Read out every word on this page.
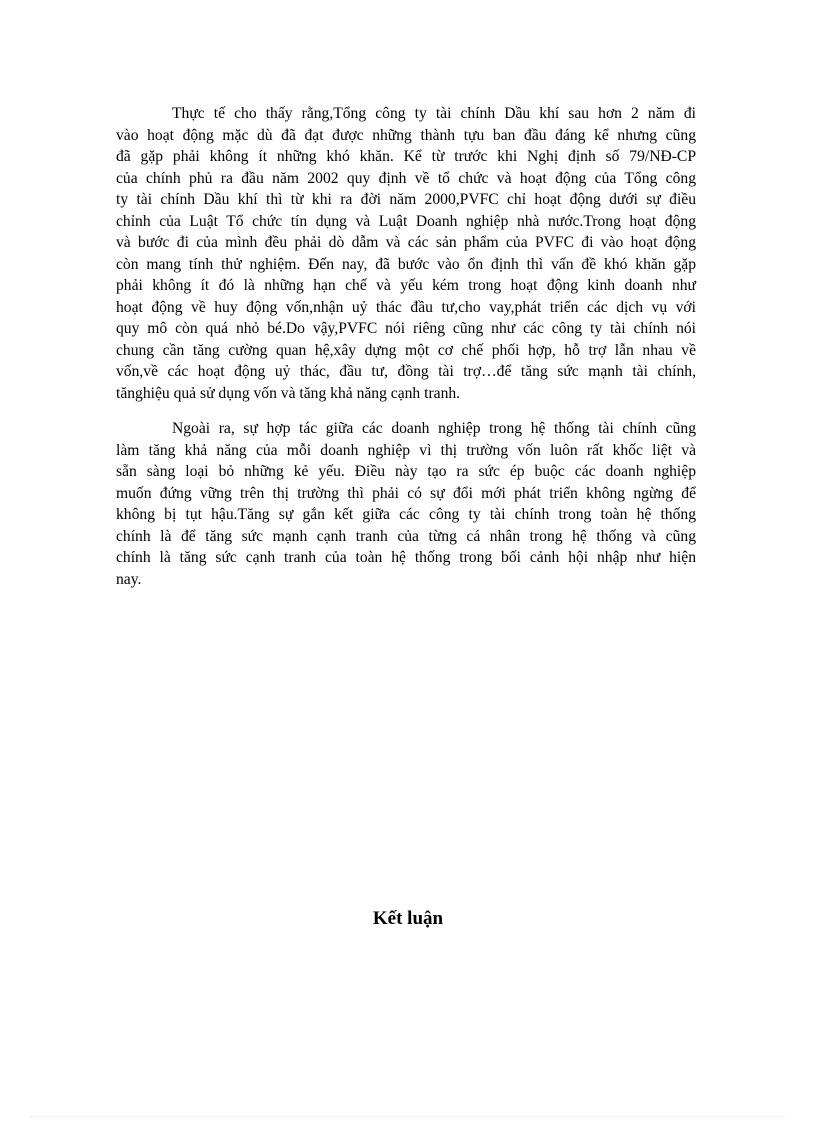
Thực tế cho thấy rằng,Tổng công ty tài chính Dầu khí sau hơn 2 năm đi
vào hoạt động mặc dù đã đạt được những thành tựu ban đầu đáng kể nhưng cũng
đã gặp phải không ít những khó khăn. Kể từ trước khi Nghị định số 79/NĐ-CP
của chính phủ ra đầu năm 2002 quy định về tổ chức và hoạt động của Tổng công
ty tài chính Dầu khí thì từ khi ra đời năm 2000,PVFC chỉ hoạt động dưới sự điều
chỉnh của Luật Tổ chức tín dụng và Luật Doanh nghiệp nhà nước.Trong hoạt động
và bước đi của mình đều phải dò dẫm và các sản phẩm của PVFC đi vào hoạt động
còn mang tính thử nghiệm. Đến nay, đã bước vào ổn định thì vấn đề khó khăn gặp
phải không ít đó là những hạn chế và yếu kém trong hoạt động kinh doanh như
hoạt động về huy động vốn,nhận uỷ thác đầu tư,cho vay,phát triển các dịch vụ với
quy mô còn quá nhỏ bé.Do vậy,PVFC nói riêng cũng như các công ty tài chính nói
chung cần tăng cường quan hệ,xây dựng một cơ chế phối hợp, hỗ trợ lẫn nhau về
vốn,về các hoạt động uỷ thác, đầu tư, đồng tài trợ…để tăng sức mạnh tài chính,
tănghiệu quả sử dụng vốn và tăng khả năng cạnh tranh.
Ngoài ra, sự hợp tác giữa các doanh nghiệp trong hệ thống tài chính cũng
làm tăng khả năng của mỗi doanh nghiệp vì thị trường vốn luôn rất khốc liệt và
sẵn sàng loại bỏ những kẻ yếu. Điều này tạo ra sức ép buộc các doanh nghiệp
muốn đứng vững trên thị trường thì phải có sự đổi mới phát triển không ngừng để
không bị tụt hậu.Tăng sự gắn kết giữa các công ty tài chính trong toàn hệ thống
chính là để tăng sức mạnh cạnh tranh của từng cá nhân trong hệ thống và cũng
chính là tăng sức cạnh tranh của toàn hệ thống trong bối cảnh hội nhập như hiện
nay.
Kết luận
